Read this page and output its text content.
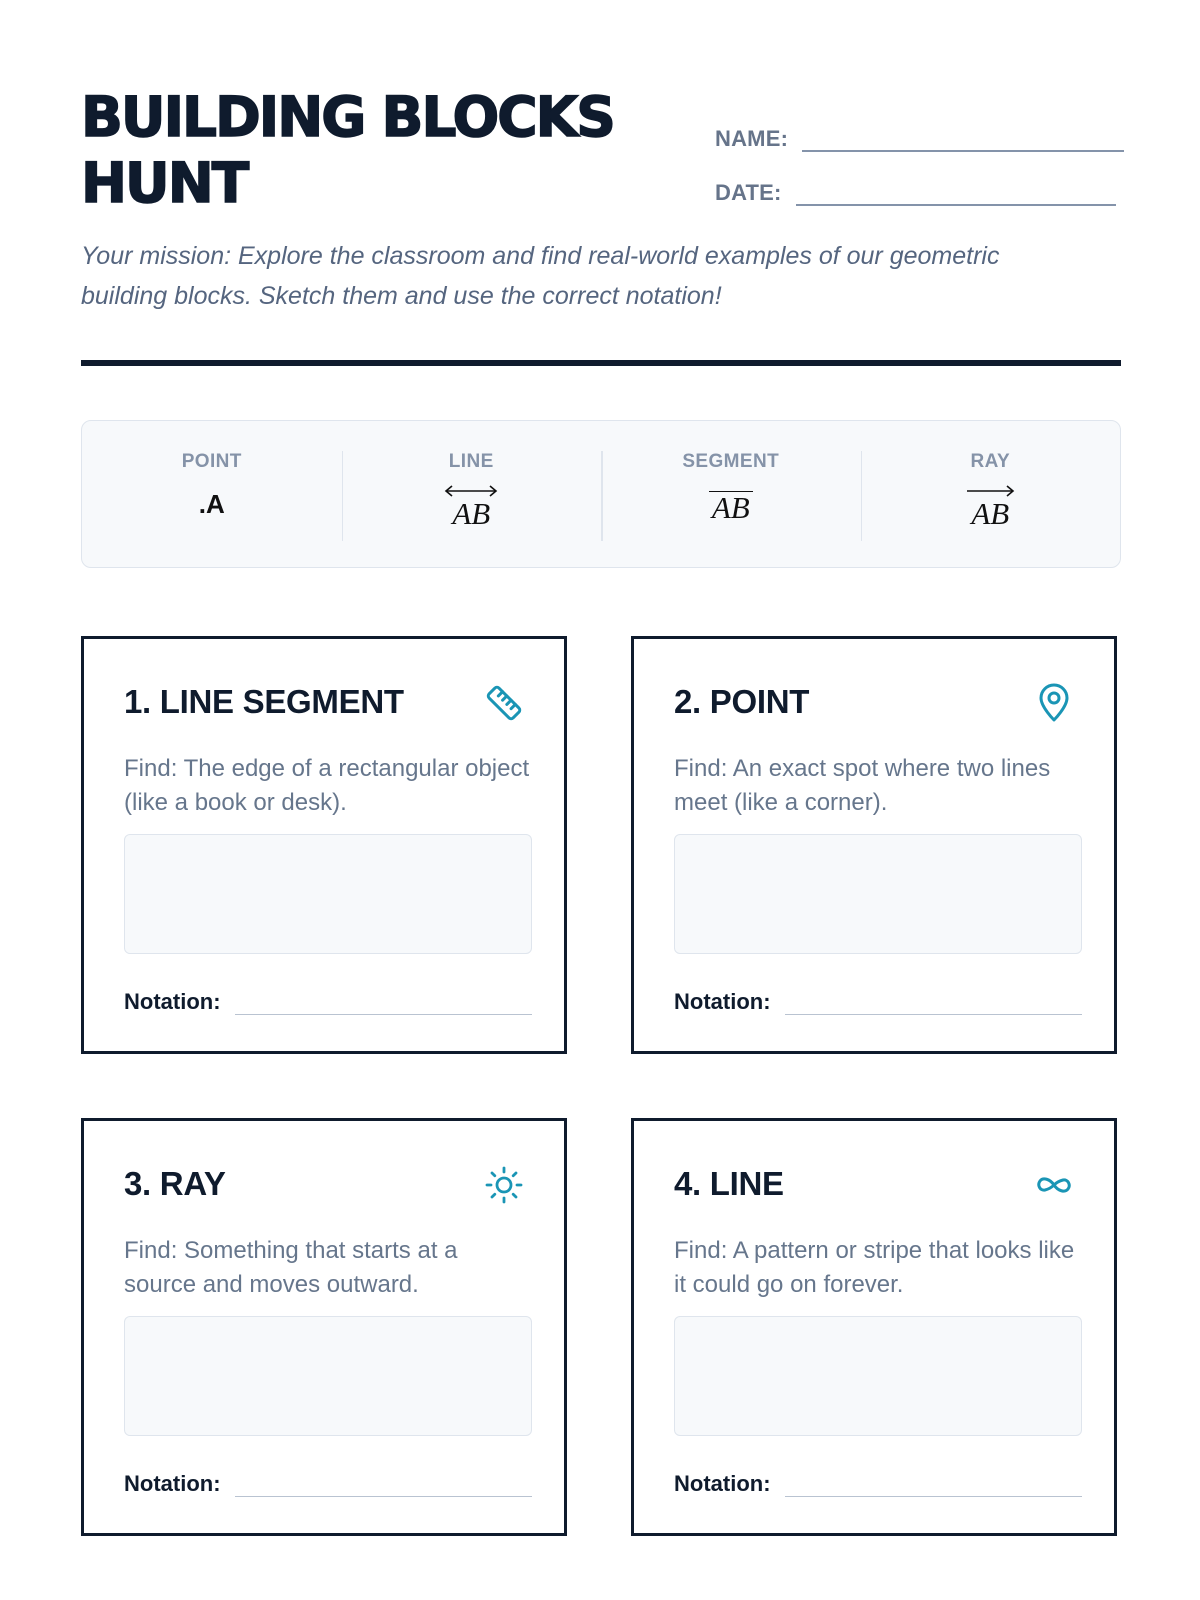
BUILDING BLOCKS
HUNT
NAME:
DATE:

Your mission: Explore the classroom and find real-world examples of our geometric building blocks. Sketch them and use the correct notation!

POINT
.A
LINE
AB
SEGMENT
AB
RAY
AB
1. LINE SEGMENT

Find: The edge of a rectangular object (like a book or desk).

Notation:
2. POINT

Find: An exact spot where two lines meet (like a corner).

Notation:
3. RAY

Find: Something that starts at a source and moves outward.

Notation:
4. LINE

Find: A pattern or stripe that looks like it could go on forever.

Notation:
